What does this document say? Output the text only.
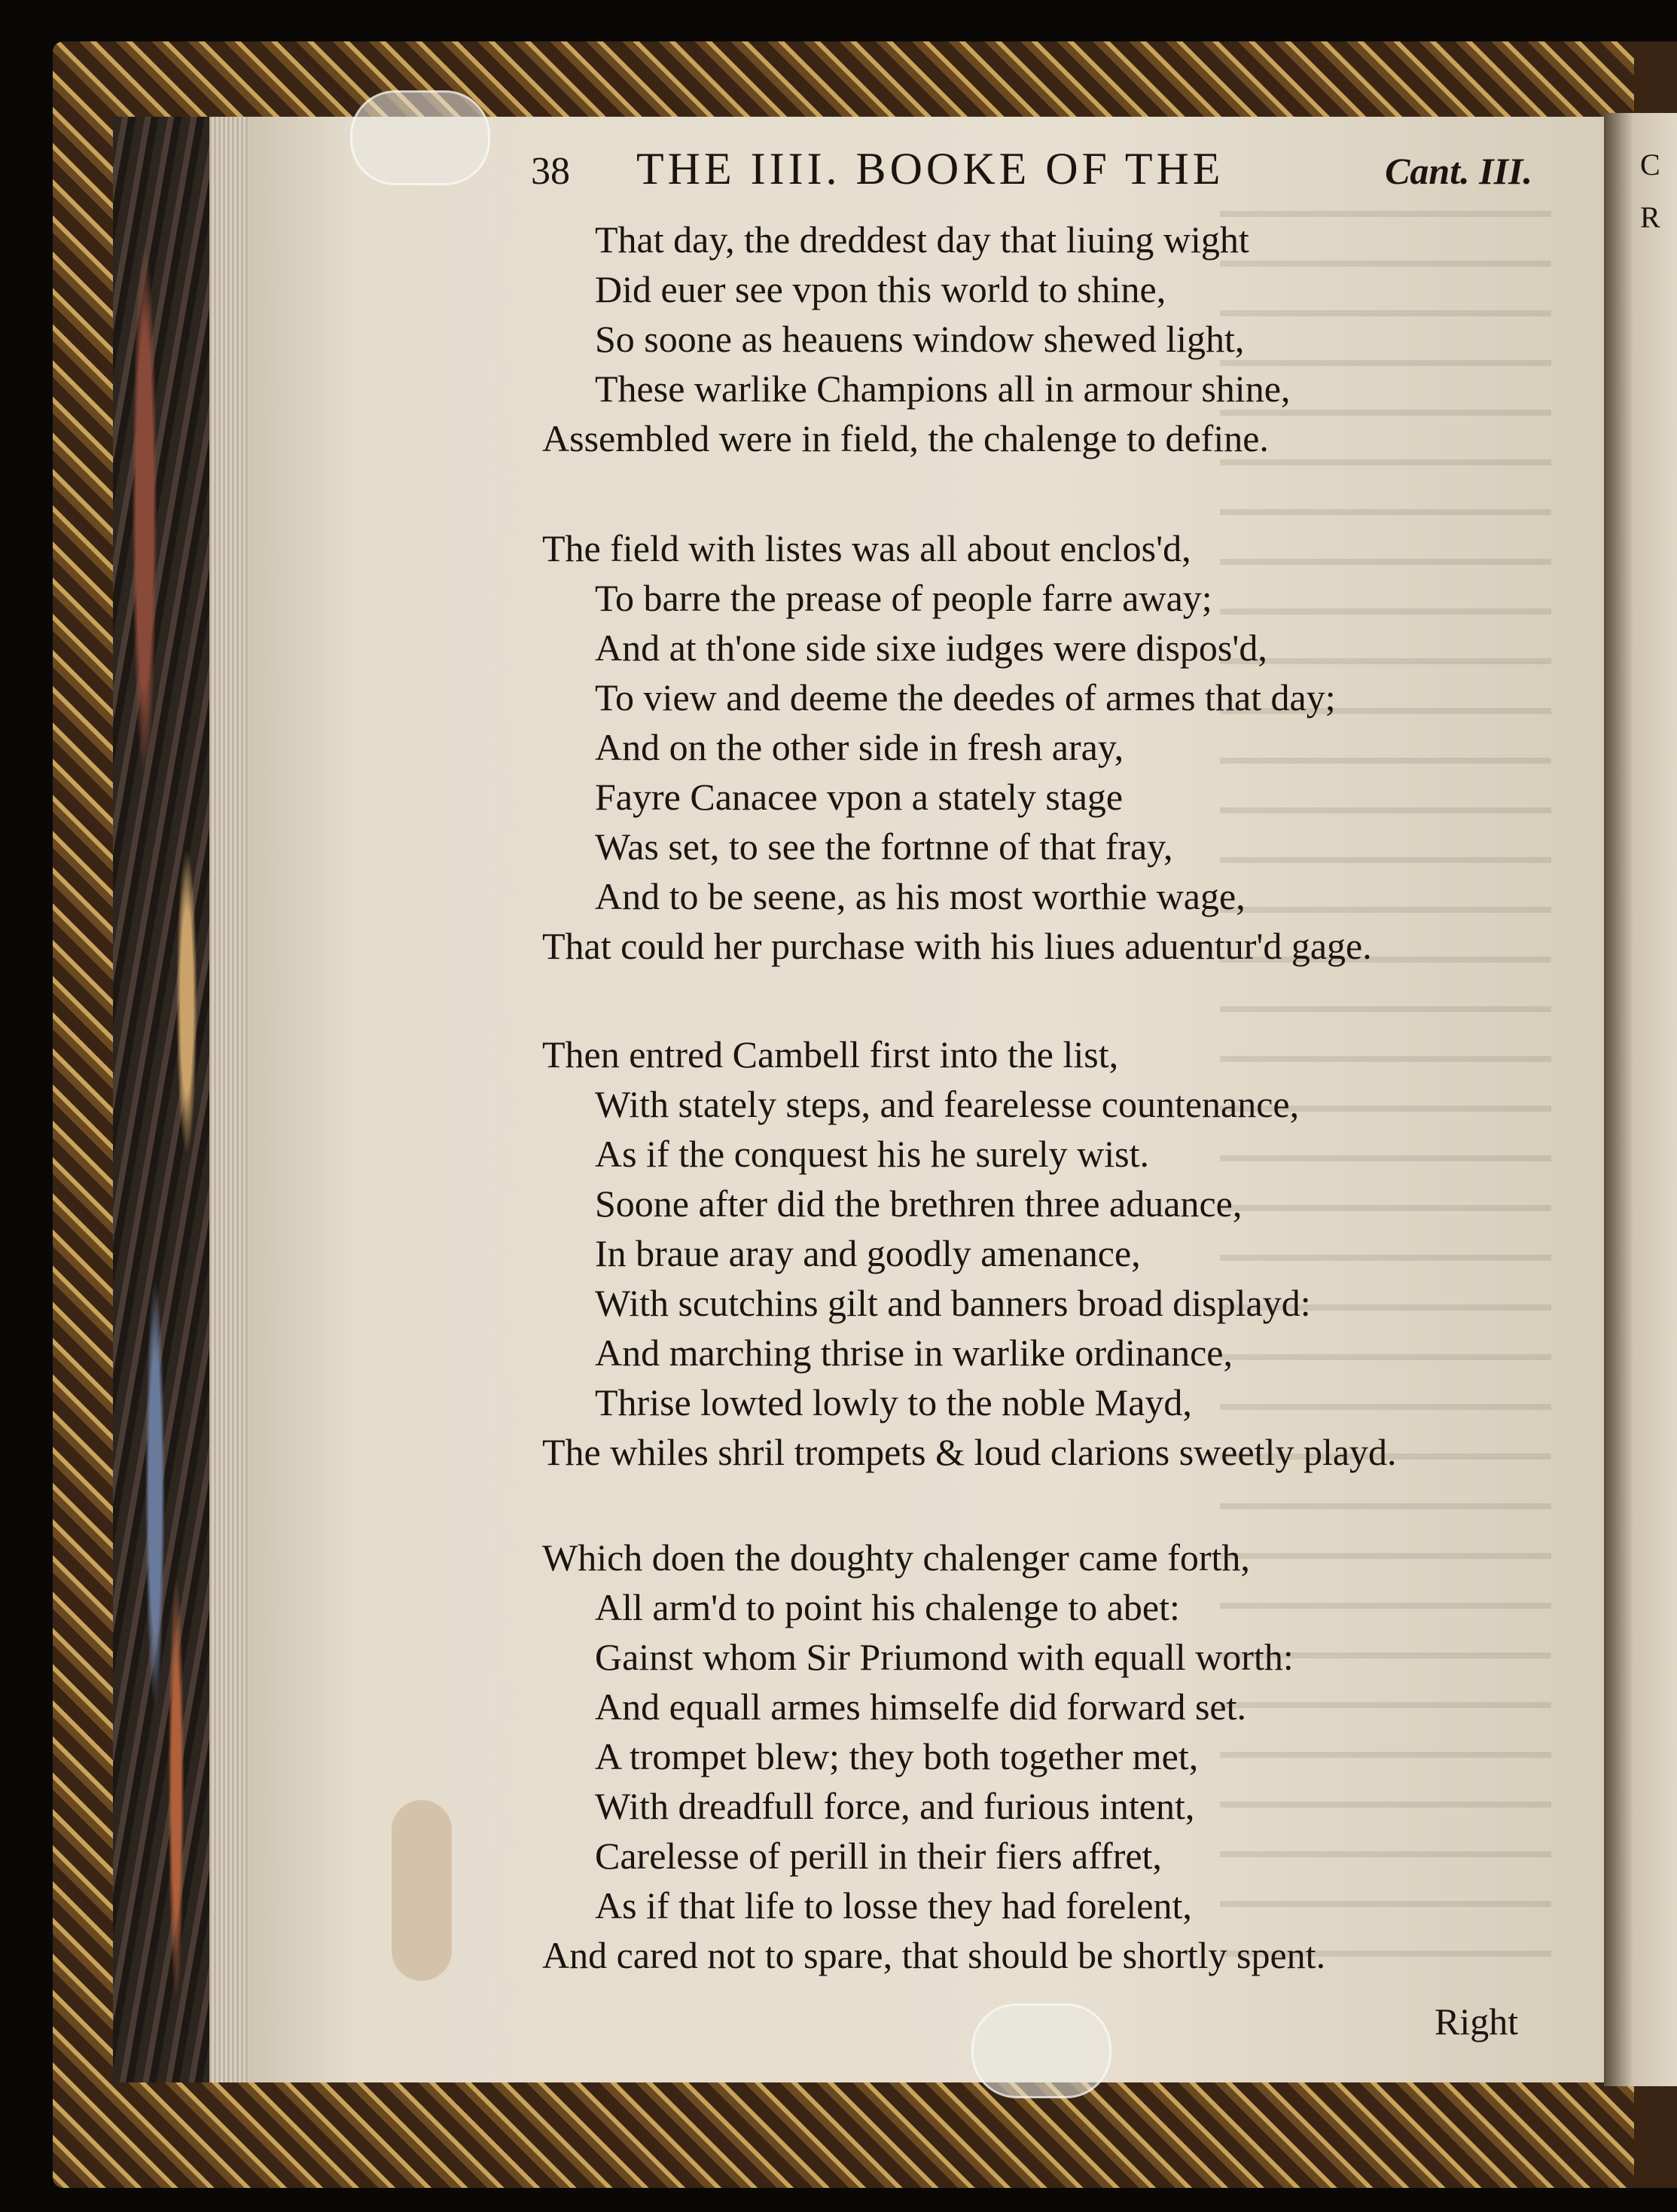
C
R
38 THE IIII. BOOKE OF THE	Cant. III.
That day, the dreddest day that liuing wight
Did euer see vpon this world to shine,
So soone as heauens window shewed light,
These warlike Champions all in armour shine,
Assembled were in field, the chalenge to define.
The field with listes was all about enclos'd,
To barre the prease of people farre away;
And at th'one side sixe iudges were dispos'd,
To view and deeme the deedes of armes that day;
And on the other side in fresh aray,
Fayre Canacee vpon a stately stage
Was set, to see the fortnne of that fray,
And to be seene, as his most worthie wage,
That could her purchase with his liues aduentur'd gage.
Then entred Cambell first into the list,
With stately steps, and fearelesse countenance,
As if the conquest his he surely wist.
Soone after did the brethren three aduance,
In braue aray and goodly amenance,
With scutchins gilt and banners broad displayd:
And marching thrise in warlike ordinance,
Thrise lowted lowly to the noble Mayd,
The whiles shril trompets & loud clarions sweetly playd.
Which doen the doughty chalenger came forth,
All arm'd to point his chalenge to abet:
Gainst whom Sir Priumond with equall worth:
And equall armes himselfe did forward set.
A trompet blew; they both together met,
With dreadfull force, and furious intent,
Carelesse of perill in their fiers affret,
As if that life to losse they had forelent,
And cared not to spare, that should be shortly spent.
Right
